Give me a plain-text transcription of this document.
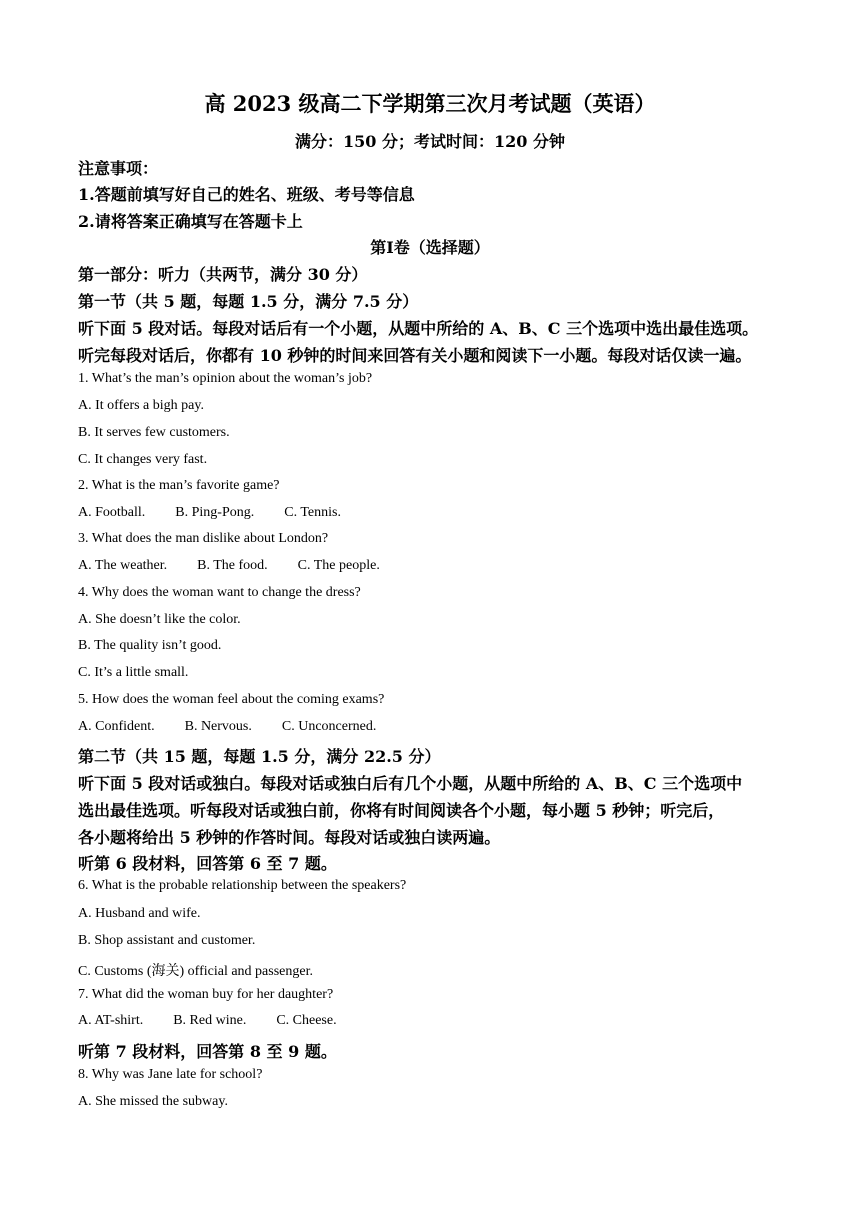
高 2023 级高二下学期第三次月考试题（英语）
满分：150 分；考试时间：120 分钟
注意事项：
1.答题前填写好自己的姓名、班级、考号等信息
2.请将答案正确填写在答题卡上
第Ⅰ卷（选择题）
第一部分：听力（共两节，满分 30 分）
第一节（共 5 题，每题 1.5 分，满分 7.5 分）
听下面 5 段对话。每段对话后有一个小题，从题中所给的 A、B、C 三个选项中选出最佳选项。
听完每段对话后，你都有 10 秒钟的时间来回答有关小题和阅读下一小题。每段对话仅读一遍。
1. What’s the man’s opinion about the woman’s job?
A. It offers a bigh pay.
B. It serves few customers.
C. It changes very fast.
2. What is the man’s favorite game?
A. Football. B. Ping-Pong. C. Tennis.
3. What does the man dislike about London?
A. The weather. B. The food. C. The people.
4. Why does the woman want to change the dress?
A. She doesn’t like the color.
B. The quality isn’t good.
C. It’s a little small.
5. How does the woman feel about the coming exams?
A. Confident. B. Nervous. C. Unconcerned.
第二节（共 15 题，每题 1.5 分，满分 22.5 分）
听下面 5 段对话或独白。每段对话或独白后有几个小题，从题中所给的 A、B、C 三个选项中
选出最佳选项。听每段对话或独白前，你将有时间阅读各个小题，每小题 5 秒钟；听完后，
各小题将给出 5 秒钟的作答时间。每段对话或独白读两遍。
听第 6 段材料，回答第 6 至 7 题。
6. What is the probable relationship between the speakers?
A. Husband and wife.
B. Shop assistant and customer.
C. Customs (海关) official and passenger.
7. What did the woman buy for her daughter?
A. AT-shirt. B. Red wine. C. Cheese.
听第 7 段材料，回答第 8 至 9 题。
8. Why was Jane late for school?
A. She missed the subway.
